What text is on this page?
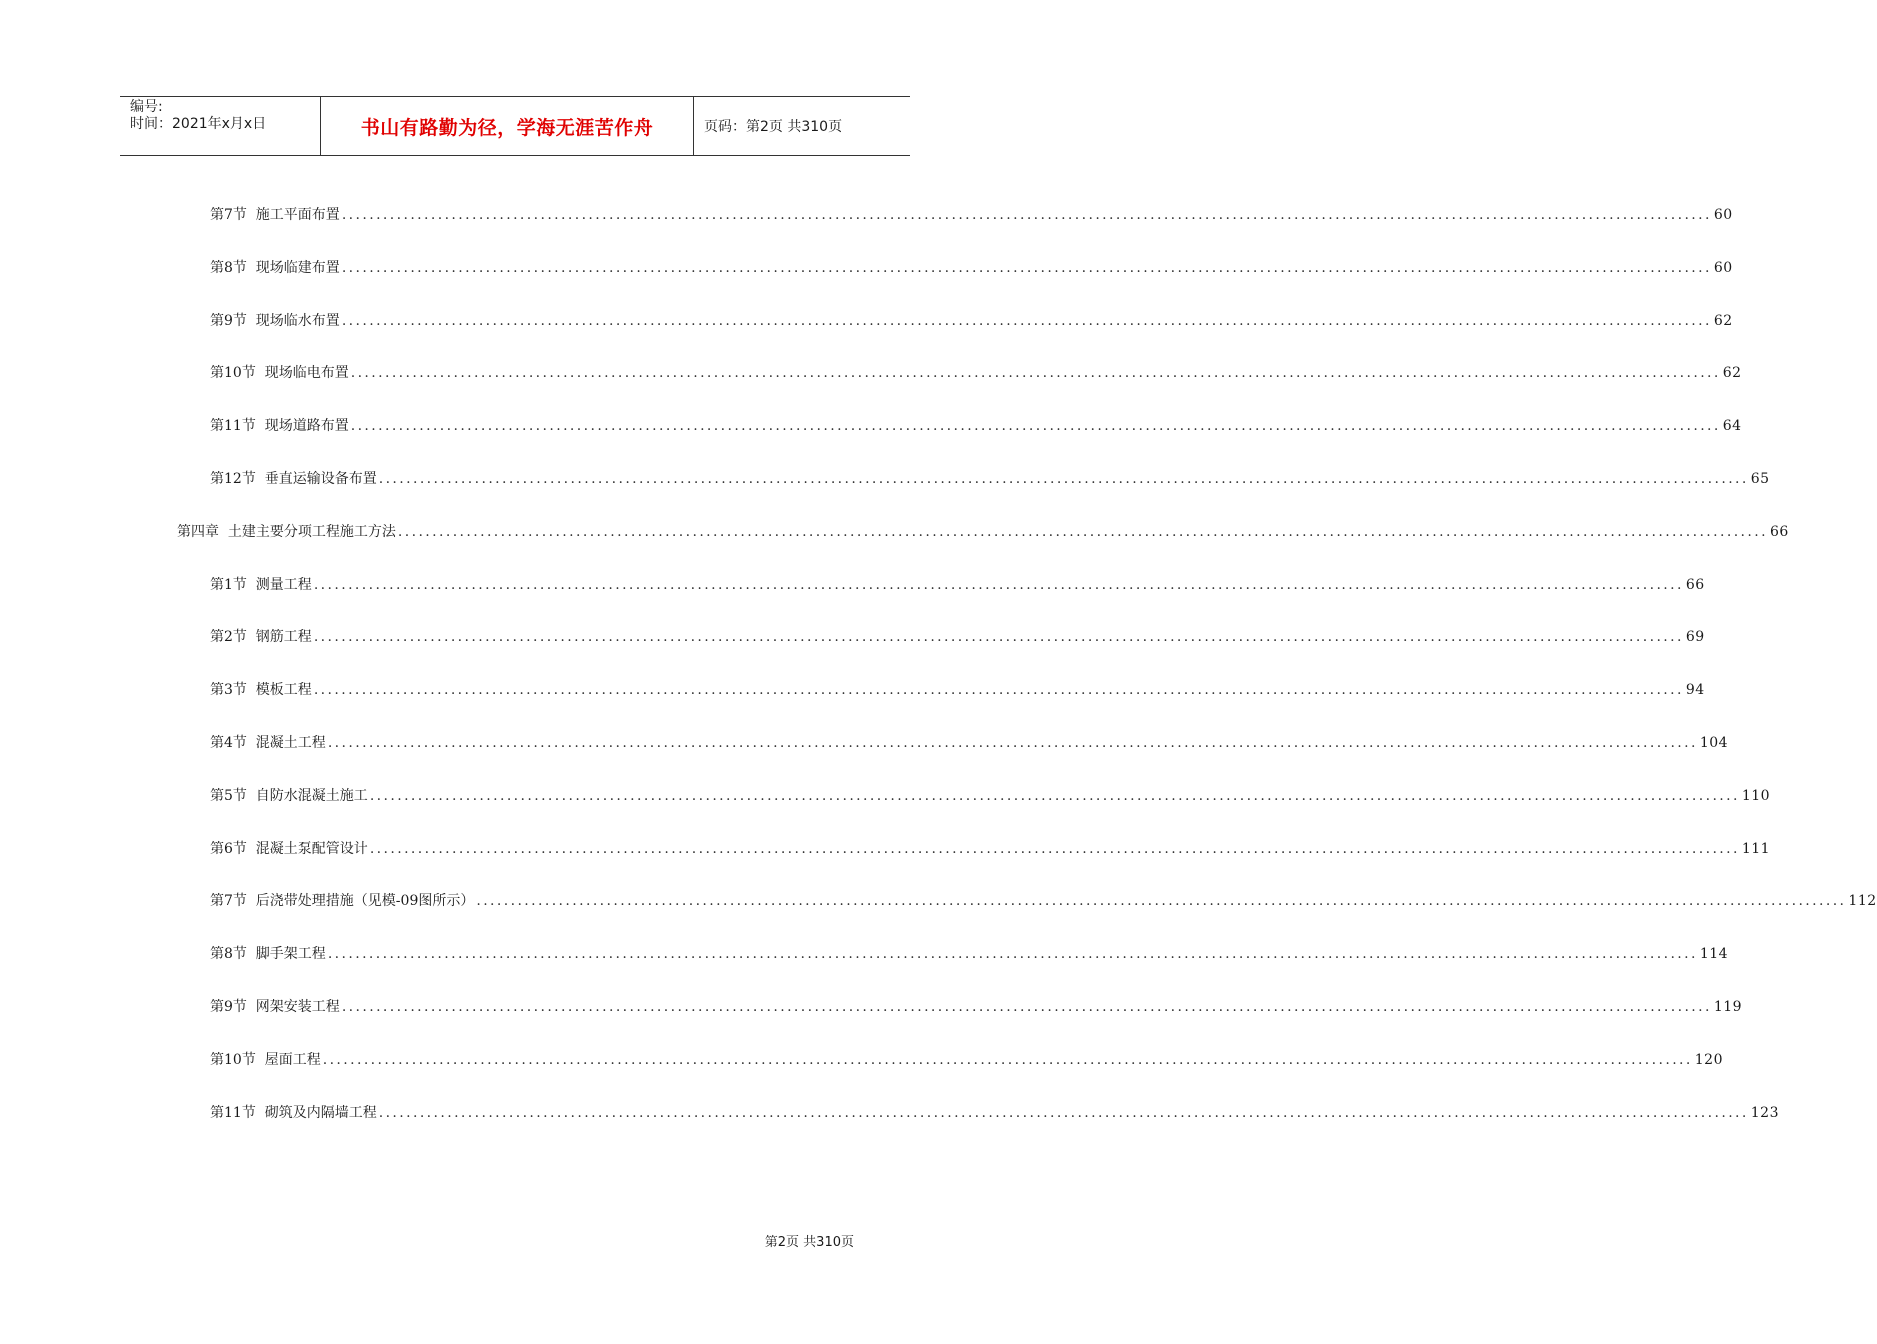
编号:
时间：2021年x月x日	书山有路勤为径，学海无涯苦作舟	页码：第2页 共310页
第7节  施工平面布置 ........................................................................................................................................................................................................ 60
第8节  现场临建布置 ........................................................................................................................................................................................................ 60
第9节  现场临水布置 ........................................................................................................................................................................................................ 62
第10节  现场临电布置 ........................................................................................................................................................................................................ 62
第11节  现场道路布置 ........................................................................................................................................................................................................ 64
第12节  垂直运输设备布置 ........................................................................................................................................................................................................ 65
第四章  土建主要分项工程施工方法 ........................................................................................................................................................................................................ 66
第1节  测量工程 ........................................................................................................................................................................................................ 66
第2节  钢筋工程 ........................................................................................................................................................................................................ 69
第3节  模板工程 ........................................................................................................................................................................................................ 94
第4节  混凝土工程 ........................................................................................................................................................................................................ 104
第5节  自防水混凝土施工 ........................................................................................................................................................................................................ 110
第6节  混凝土泵配管设计 ........................................................................................................................................................................................................ 111
第7节  后浇带处理措施（见模-09图所示） ........................................................................................................................................................................................................ 112
第8节  脚手架工程 ........................................................................................................................................................................................................ 114
第9节  网架安装工程 ........................................................................................................................................................................................................ 119
第10节  屋面工程 ........................................................................................................................................................................................................ 120
第11节  砌筑及内隔墙工程 ........................................................................................................................................................................................................ 123
第2页 共310页
